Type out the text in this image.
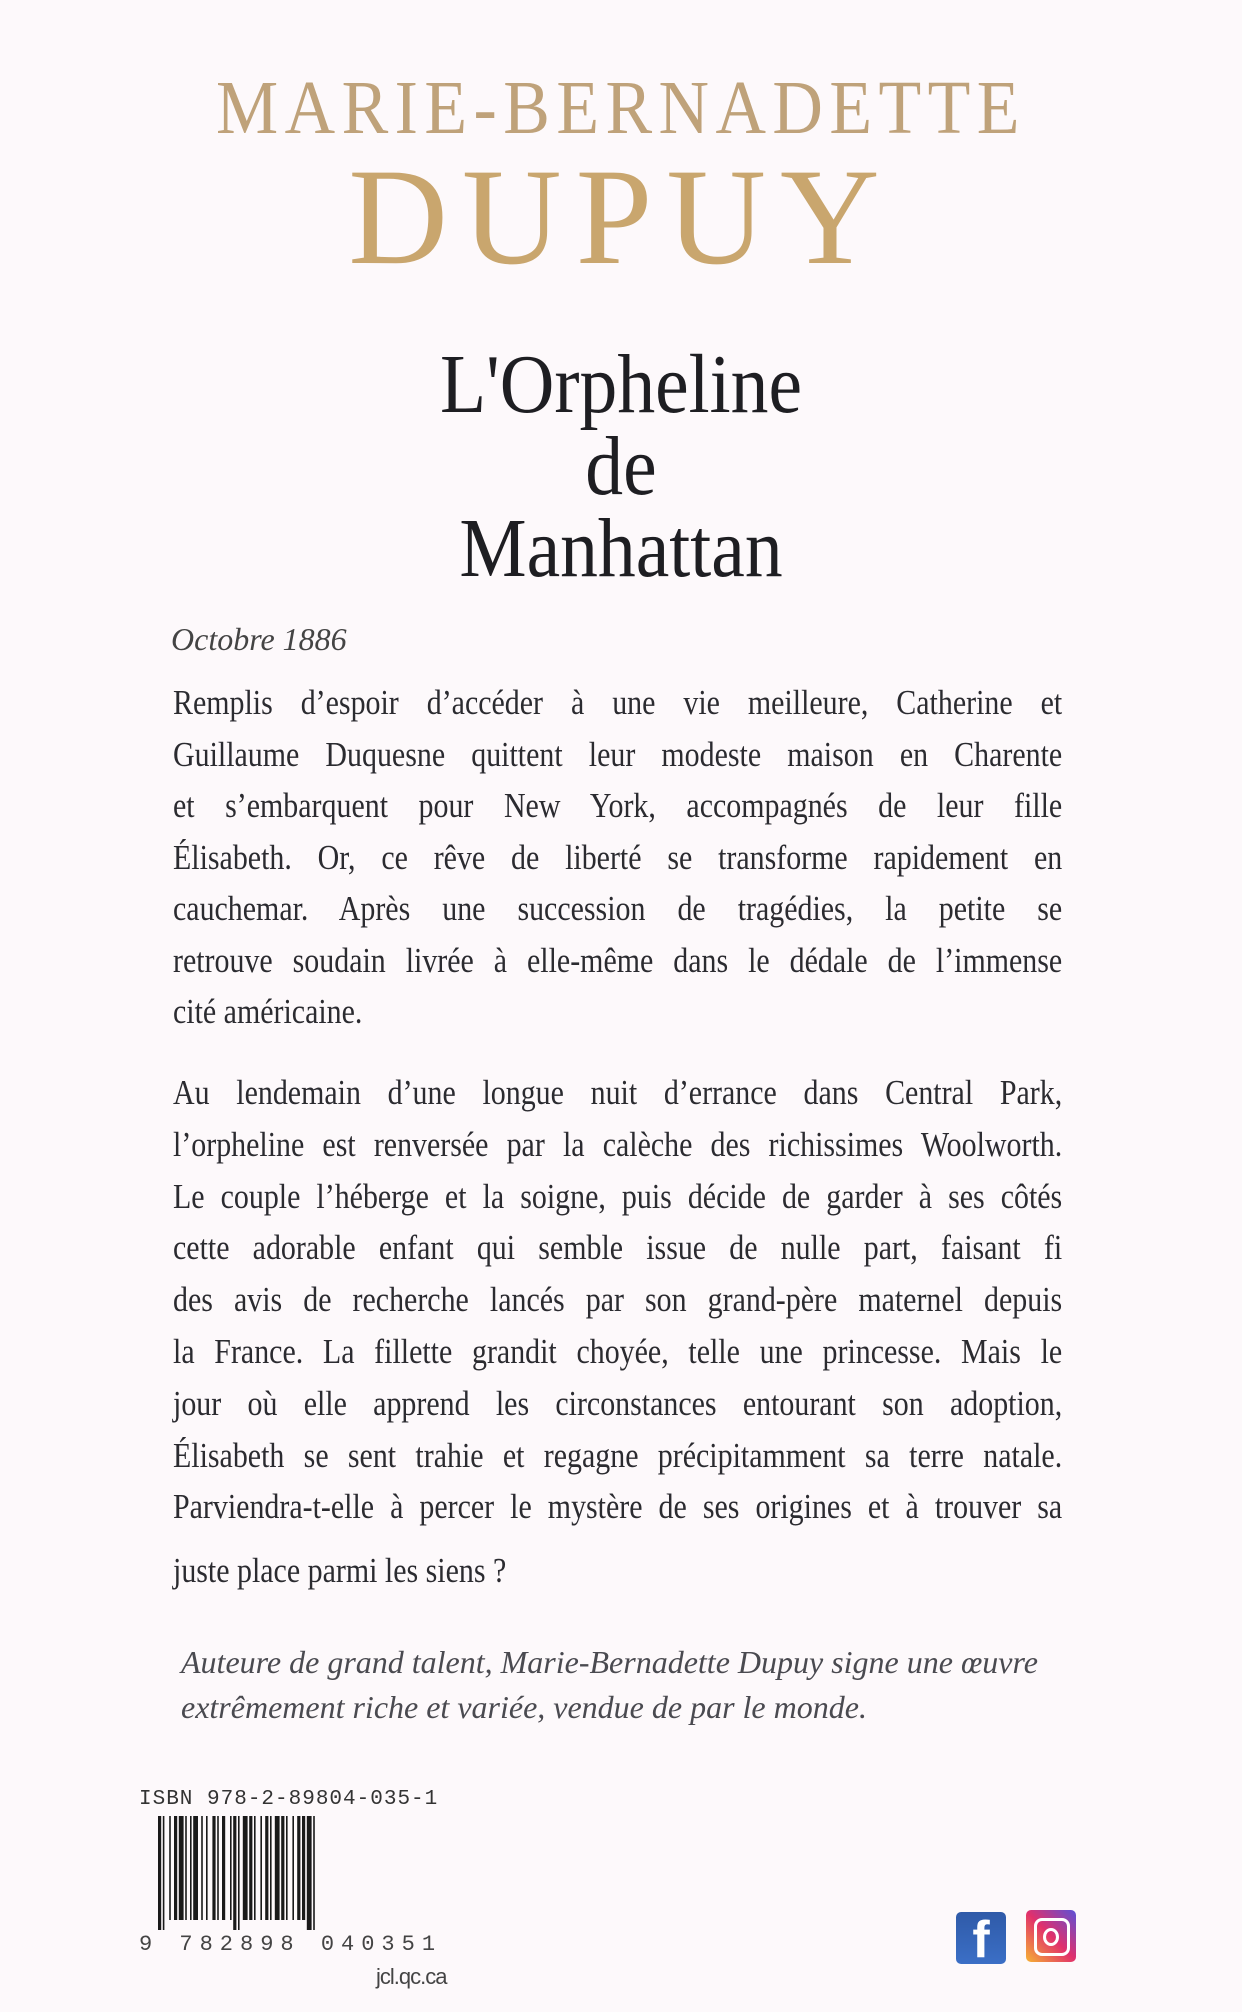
MARIE-BERNADETTE
DUPUY
L'Orpheline
de
Manhattan
Octobre 1886
Remplis d’espoir d’accéder à une vie meilleure, Catherine et
Guillaume Duquesne quittent leur modeste maison en Charente
et s’embarquent pour New York, accompagnés de leur fille
Élisabeth. Or, ce rêve de liberté se transforme rapidement en
cauchemar. Après une succession de tragédies, la petite se
retrouve soudain livrée à elle-même dans le dédale de l’immense
cité américaine.
Au lendemain d’une longue nuit d’errance dans Central Park,
l’orpheline est renversée par la calèche des richissimes Woolworth.
Le couple l’héberge et la soigne, puis décide de garder à ses côtés
cette adorable enfant qui semble issue de nulle part, faisant fi
des avis de recherche lancés par son grand-père maternel depuis
la France. La fillette grandit choyée, telle une princesse. Mais le
jour où elle apprend les circonstances entourant son adoption,
Élisabeth se sent trahie et regagne précipitamment sa terre natale.
Parviendra-t-elle à percer le mystère de ses origines et à trouver sa
juste place parmi les siens ?
Auteure de grand talent, Marie-Bernadette Dupuy signe une œuvre
extrêmement riche et variée, vendue de par le monde.
ISBN 978-2-89804-035-1
9 782898 040351
jcl.qc.ca
f
